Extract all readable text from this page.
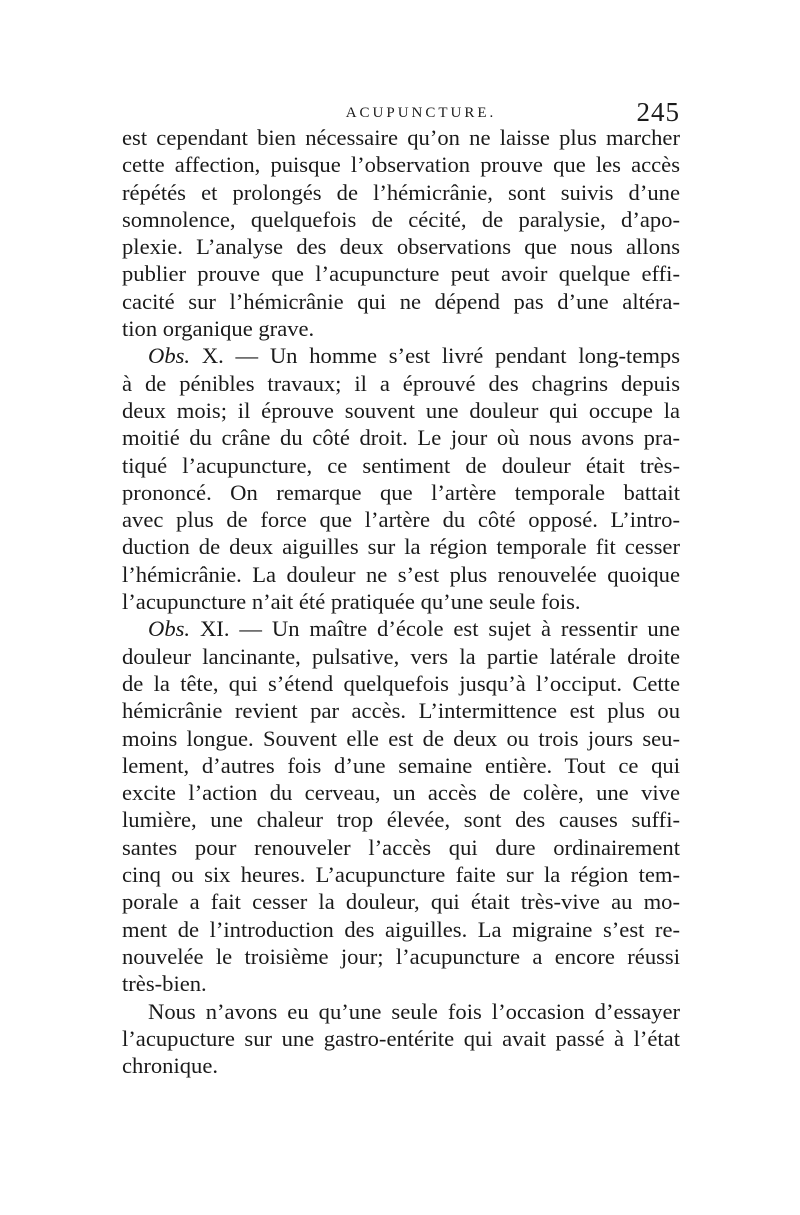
ACUPUNCTURE.	245
est cependant bien nécessaire qu’on ne laisse plus marcher
cette affection, puisque l’observation prouve que les accès
répétés et prolongés de l’hémicrânie, sont suivis d’une
somnolence, quelquefois de cécité, de paralysie, d’apo-
plexie. L’analyse des deux observations que nous allons
publier prouve que l’acupuncture peut avoir quelque effi-
cacité sur l’hémicrânie qui ne dépend pas d’une altéra-
tion organique grave.
Obs. X. — Un homme s’est livré pendant long-temps
à de pénibles travaux; il a éprouvé des chagrins depuis
deux mois; il éprouve souvent une douleur qui occupe la
moitié du crâne du côté droit. Le jour où nous avons pra-
tiqué l’acupuncture, ce sentiment de douleur était très-
prononcé. On remarque que l’artère temporale battait
avec plus de force que l’artère du côté opposé. L’intro-
duction de deux aiguilles sur la région temporale fit cesser
l’hémicrânie. La douleur ne s’est plus renouvelée quoique
l’acupuncture n’ait été pratiquée qu’une seule fois.
Obs. XI. — Un maître d’école est sujet à ressentir une
douleur lancinante, pulsative, vers la partie latérale droite
de la tête, qui s’étend quelquefois jusqu’à l’occiput. Cette
hémicrânie revient par accès. L’intermittence est plus ou
moins longue. Souvent elle est de deux ou trois jours seu-
lement, d’autres fois d’une semaine entière. Tout ce qui
excite l’action du cerveau, un accès de colère, une vive
lumière, une chaleur trop élevée, sont des causes suffi-
santes pour renouveler l’accès qui dure ordinairement
cinq ou six heures. L’acupuncture faite sur la région tem-
porale a fait cesser la douleur, qui était très-vive au mo-
ment de l’introduction des aiguilles. La migraine s’est re-
nouvelée le troisième jour; l’acupuncture a encore réussi
très-bien.
Nous n’avons eu qu’une seule fois l’occasion d’essayer
l’acupucture sur une gastro-entérite qui avait passé à l’état
chronique.
